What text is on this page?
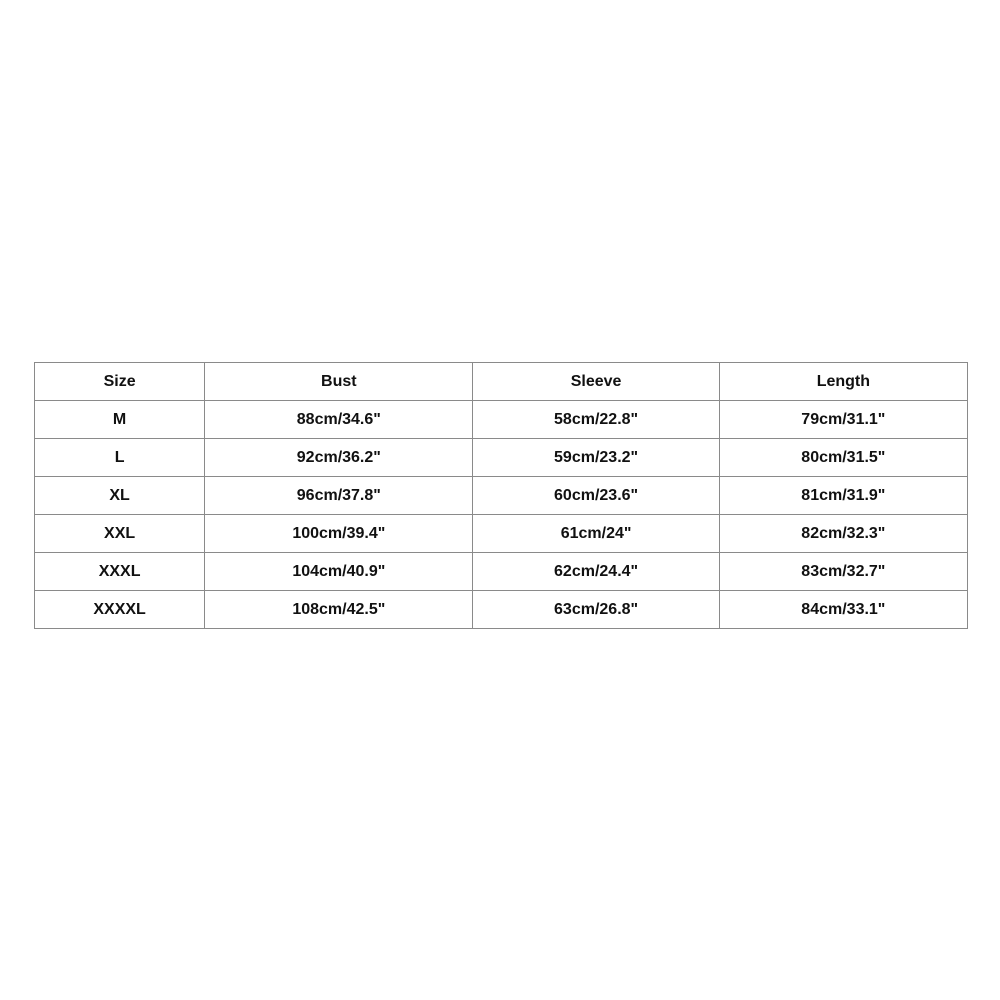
Size	Bust	Sleeve	Length
M	88cm/34.6"	58cm/22.8"	79cm/31.1"
L	92cm/36.2"	59cm/23.2"	80cm/31.5"
XL	96cm/37.8"	60cm/23.6"	81cm/31.9"
XXL	100cm/39.4"	61cm/24"	82cm/32.3"
XXXL	104cm/40.9"	62cm/24.4"	83cm/32.7"
XXXXL	108cm/42.5"	63cm/26.8"	84cm/33.1"
